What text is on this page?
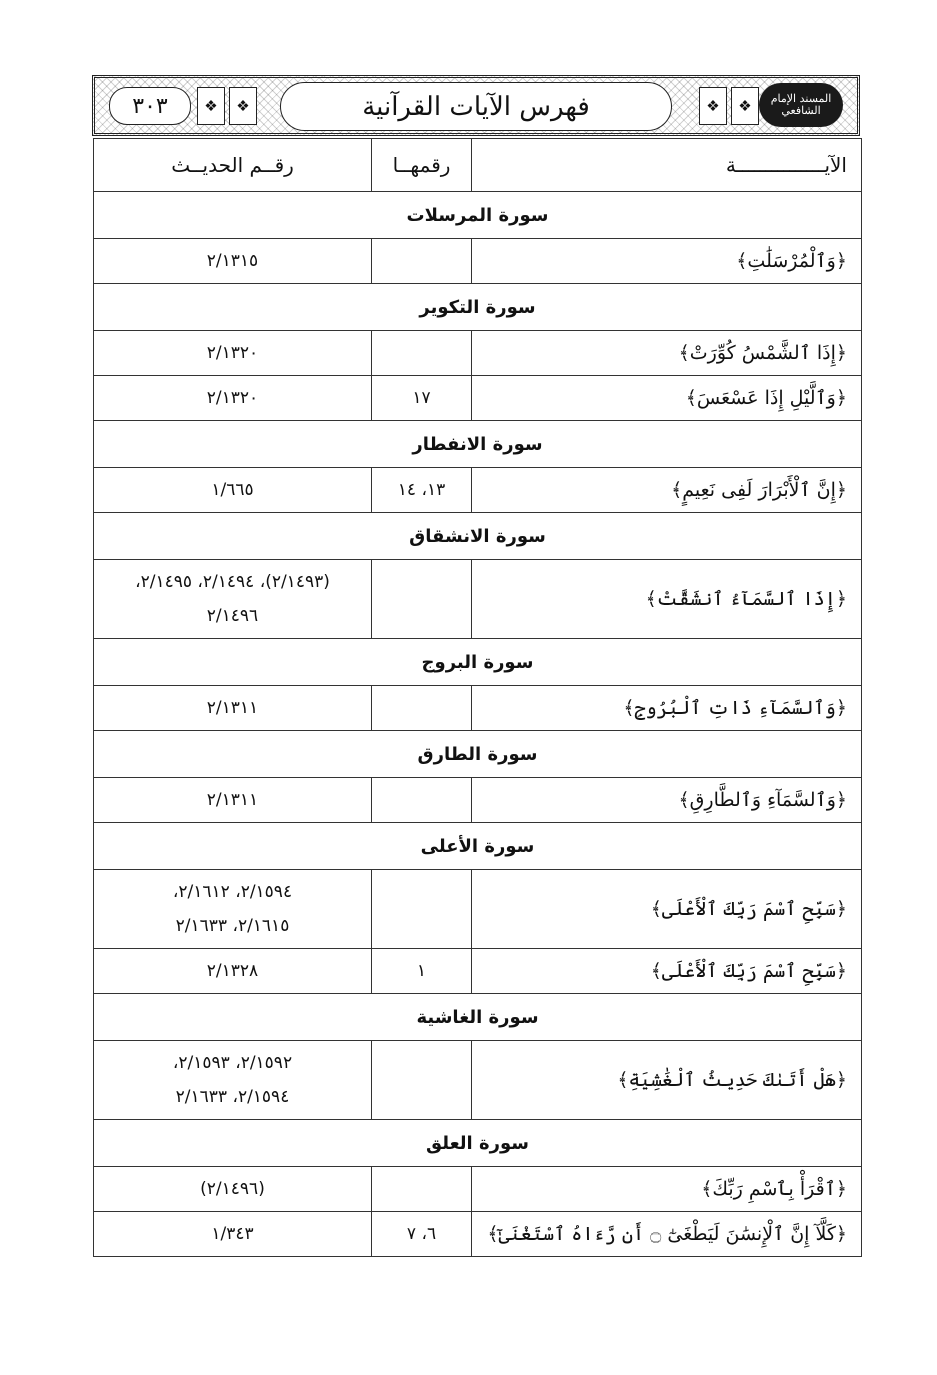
٣٠٣	❖	❖	فهرس الآيات القرآنية	❖	❖	المسند الإمام الشافعي
الآيـــــــــــــــة	رقمهــا	رقــم الحديــث
سورة المرسلات		
﴿وَٱلْمُرْسَلَٰتِ﴾		٢/١٣١٥

سورة التكوير		
﴿إِذَا ٱلشَّمْسُ كُوِّرَتْ﴾		٢/١٣٢٠

﴿وَٱلَّيْلِ إِذَا عَسْعَسَ﴾	١٧	٢/١٣٢٠

سورة الانفطار		
﴿إِنَّ ٱلْأَبْرَارَ لَفِى نَعِيمٍ﴾	١٣، ١٤	١/٦٦٥

سورة الانشقاق		
﴿إِذَا ٱلسَّمَآءُ ٱنشَقَّتْ﴾		(٢/١٤٩٣)، ٢/١٤٩٤، ٢/١٤٩٥،
٢/١٤٩٦

سورة البروج		
﴿وَٱلسَّمَآءِ ذَاتِ ٱلْبُرُوجِ﴾		٢/١٣١١

سورة الطارق		
﴿وَٱلسَّمَآءِ وَٱلطَّارِقِ﴾		٢/١٣١١

سورة الأعلى		
﴿سَبِّحِ ٱسْمَ رَبِّكَ ٱلْأَعْلَى﴾		٢/١٥٩٤، ٢/١٦١٢،
٢/١٦١٥، ٢/١٦٣٣

﴿سَبِّحِ ٱسْمَ رَبِّكَ ٱلْأَعْلَى﴾	١	٢/١٣٢٨

سورة الغاشية		
﴿هَلْ أَتَىٰكَ حَدِيثُ ٱلْغَٰشِيَةِ﴾		٢/١٥٩٢، ٢/١٥٩٣،
٢/١٥٩٤، ٢/١٦٣٣

سورة العلق		
﴿ٱقْرَأْ بِٱسْمِ رَبِّكَ﴾		(٢/١٤٩٦)

﴿كَلَّآ إِنَّ ٱلْإِنسَٰنَ لَيَطْغَىٰٓ ۝ أَن رَّءَاهُ ٱسْتَغْنَىٰٓ﴾	٦، ٧	١/٣٤٣
